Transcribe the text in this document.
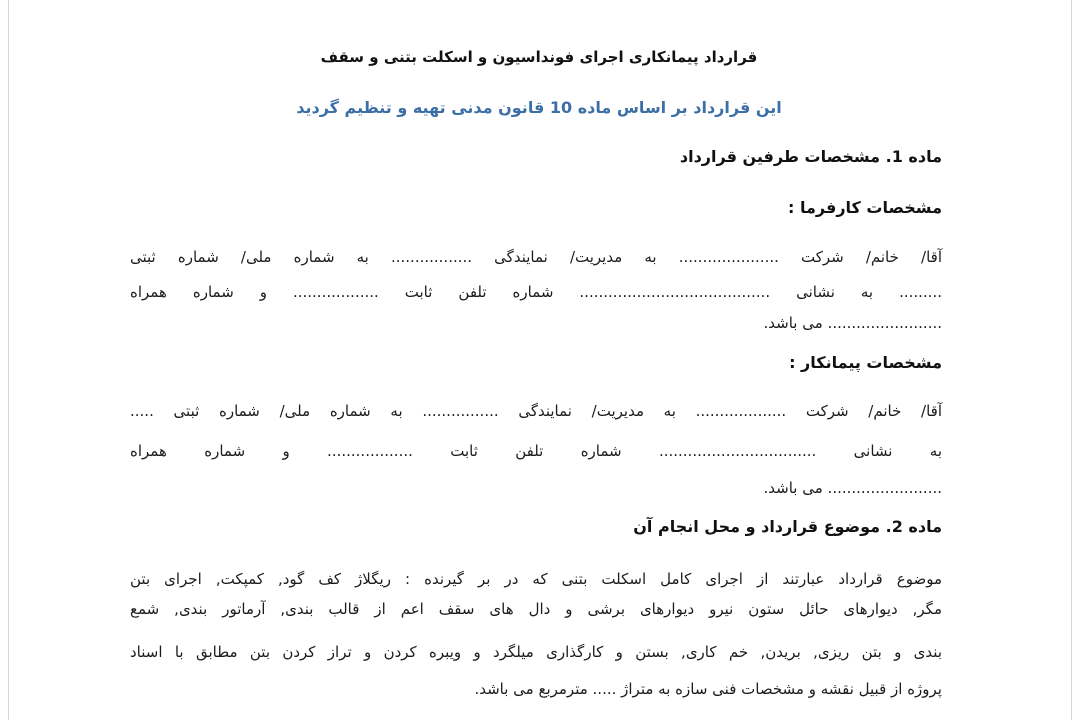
قرارداد پیمانکاری اجرای فونداسیون و اسکلت بتنی و سقف
این قرارداد بر اساس ماده 10 قانون مدنی تهیه و تنظیم گردید
ماده 1. مشخصات طرفین قرارداد
مشخصات کارفرما :
آقا/ خانم/ شرکت ..................... به مدیریت/ نمایندگی ................. به شماره ملی/ شماره ثبتی
......... به نشانی ........................................ شماره تلفن ثابت .................. و شماره همراه
........................ می باشد.
مشخصات پیمانکار :
آقا/ خانم/ شرکت ................... به مدیریت/ نمایندگی ................ به شماره ملی/ شماره ثبتی .....
به نشانی ................................. شماره تلفن ثابت .................. و شماره همراه
........................ می باشد.
ماده 2. موضوع قرارداد و محل انجام آن
موضوع قرارداد عبارتند از اجرای کامل اسکلت بتنی که در بر گیرنده : ریگلاژ کف گود, کمپکت, اجرای بتن
مگر, دیوارهای حائل ستون نیرو دیوارهای برشی و دال های سقف اعم از قالب بندی, آرماتور بندی, شمع
بندی و بتن ریزی, بریدن, خم کاری, بستن و کارگذاری میلگرد و ویبره کردن و تراز کردن بتن مطابق با اسناد
پروژه از قبیل نقشه و مشخصات فنی سازه به متراژ ..... مترمربع می باشد.
